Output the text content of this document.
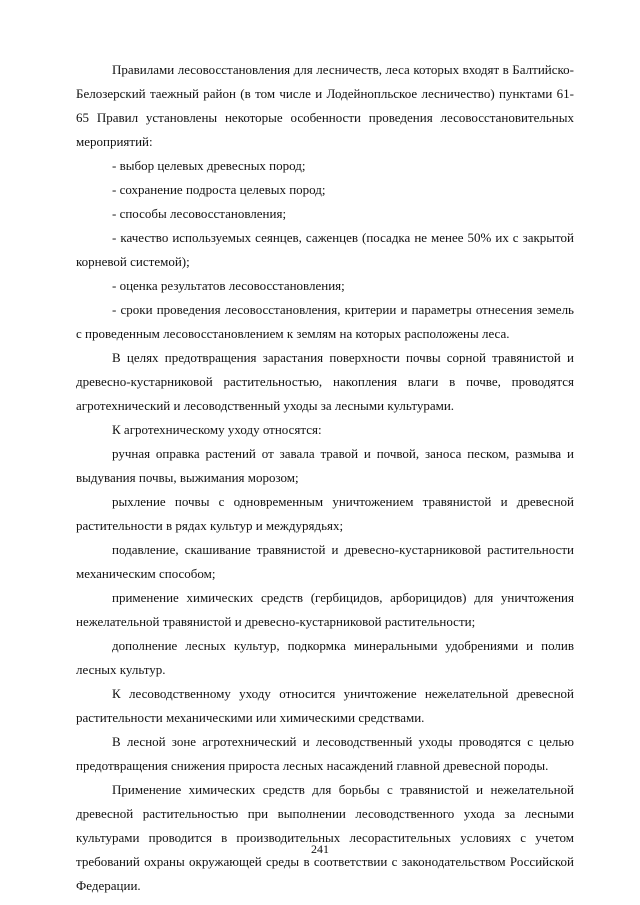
Правилами лесовосстановления для лесничеств, леса которых входят в Балтийско-Белозерский таежный район (в том числе и Лодейнопльское лесничество) пунктами 61-65 Правил установлены некоторые особенности проведения лесовосстановительных мероприятий:

- выбор целевых древесных пород;

- сохранение подроста целевых пород;

- способы лесовосстановления;

- качество используемых сеянцев, саженцев (посадка не менее 50% их с закрытой корневой системой);

- оценка результатов лесовосстановления;

- сроки проведения лесовосстановления, критерии и параметры отнесения земель с проведенным лесовосстановлением к землям на которых расположены леса.

В целях предотвращения зарастания поверхности почвы сорной травянистой и древесно-кустарниковой растительностью, накопления влаги в почве, проводятся агротехнический и лесоводственный уходы за лесными культурами.

К агротехническому уходу относятся:

ручная оправка растений от завала травой и почвой, заноса песком, размыва и выдувания почвы, выжимания морозом;

рыхление почвы с одновременным уничтожением травянистой и древесной растительности в рядах культур и междурядьях;

подавление, скашивание травянистой и древесно-кустарниковой растительности механическим способом;

применение химических средств (гербицидов, арборицидов) для уничтожения нежелательной травянистой и древесно-кустарниковой растительности;

дополнение лесных культур, подкормка минеральными удобрениями и полив лесных культур.

К лесоводственному уходу относится уничтожение нежелательной древесной растительности механическими или химическими средствами.

В лесной зоне агротехнический и лесоводственный уходы проводятся с целью предотвращения снижения прироста лесных насаждений главной древесной породы.

Применение химических средств для борьбы с травянистой и нежелательной древесной растительностью при выполнении лесоводственного ухода за лесными культурами проводится в производительных лесорастительных условиях с учетом требований охраны окружающей среды в соответствии с законодательством Российской Федерации.

241
